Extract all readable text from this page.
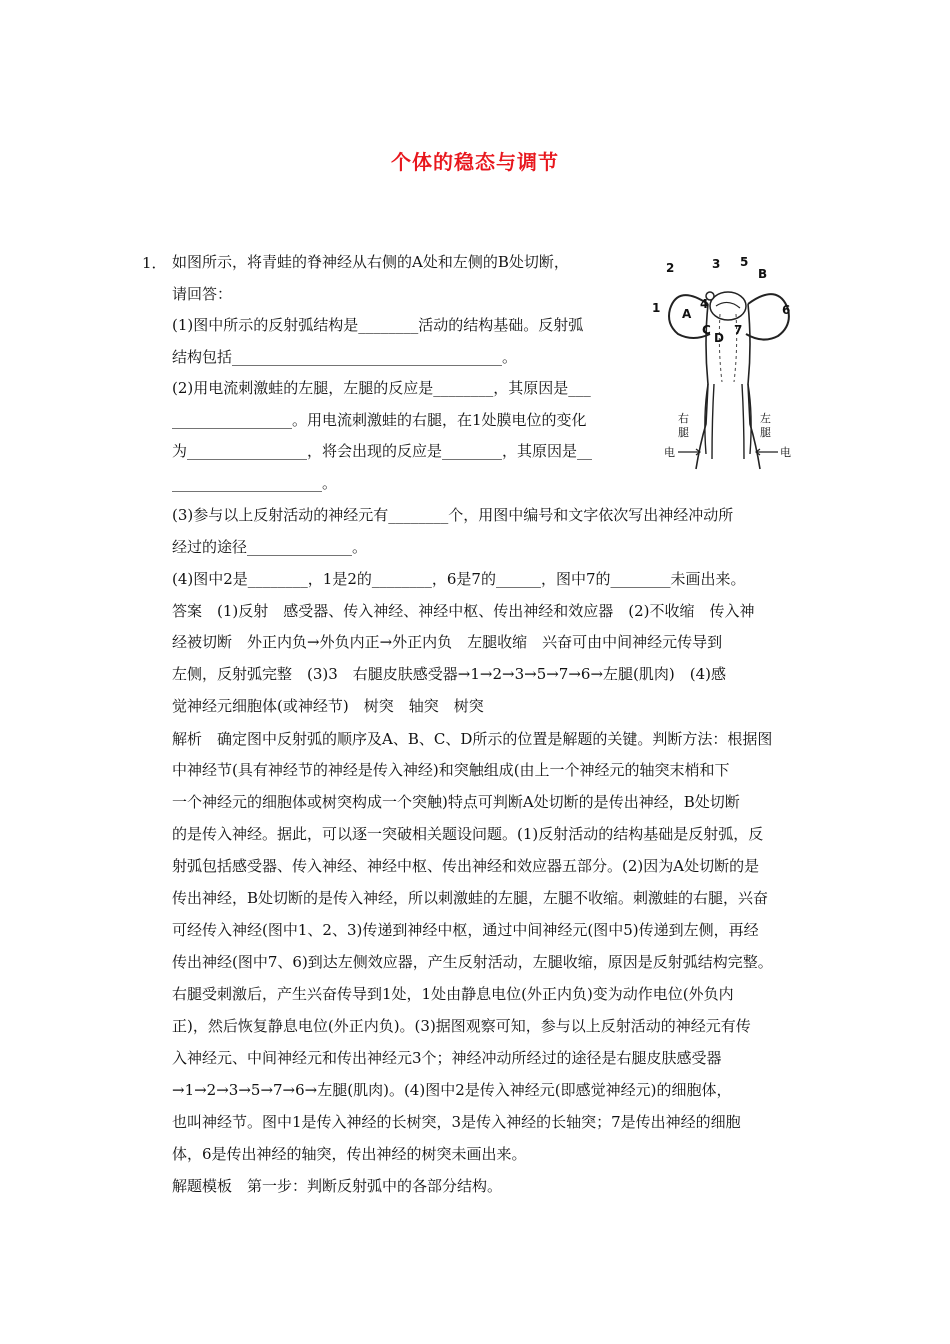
个体的稳态与调节
1． 如图所示，将青蛙的脊神经从右侧的A处和左侧的B处切断，
请回答：
(1)图中所示的反射弧结构是________活动的结构基础。反射弧
结构包括____________________________________。
(2)用电流刺激蛙的左腿，左腿的反应是________，其原因是___
________________。用电流刺激蛙的右腿，在1处膜电位的变化
为________________，将会出现的反应是________，其原因是__
____________________。
(3)参与以上反射活动的神经元有________个，用图中编号和文字依次写出神经冲动所
经过的途径______________。
(4)图中2是________，1是2的________，6是7的______，图中7的________未画出来。
答案　(1)反射　感受器、传入神经、神经中枢、传出神经和效应器　(2)不收缩　传入神
经被切断　外正内负→外负内正→外正内负　左腿收缩　兴奋可由中间神经元传导到
左侧，反射弧完整　(3)3　右腿皮肤感受器→1→2→3→5→7→6→左腿(肌肉)　(4)感
觉神经元细胞体(或神经节)　树突　轴突　树突
解析　确定图中反射弧的顺序及A、B、C、D所示的位置是解题的关键。判断方法：根据图
中神经节(具有神经节的神经是传入神经)和突触组成(由上一个神经元的轴突末梢和下
一个神经元的细胞体或树突构成一个突触)特点可判断A处切断的是传出神经，B处切断
的是传入神经。据此，可以逐一突破相关题设问题。(1)反射活动的结构基础是反射弧，反
射弧包括感受器、传入神经、神经中枢、传出神经和效应器五部分。(2)因为A处切断的是
传出神经，B处切断的是传入神经，所以刺激蛙的左腿，左腿不收缩。刺激蛙的右腿，兴奋
可经传入神经(图中1、2、3)传递到神经中枢，通过中间神经元(图中5)传递到左侧，再经
传出神经(图中7、6)到达左侧效应器，产生反射活动，左腿收缩，原因是反射弧结构完整。
右腿受刺激后，产生兴奋传导到1处，1处由静息电位(外正内负)变为动作电位(外负内
正)，然后恢复静息电位(外正内负)。(3)据图观察可知，参与以上反射活动的神经元有传
入神经元、中间神经元和传出神经元3个；神经冲动所经过的途径是右腿皮肤感受器
→1→2→3→5→7→6→左腿(肌肉)。(4)图中2是传入神经元(即感觉神经元)的细胞体，
也叫神经节。图中1是传入神经的长树突，3是传入神经的长轴突；7是传出神经的细胞
体，6是传出神经的轴突，传出神经的树突未画出来。
解题模板　第一步：判断反射弧中的各部分结构。
2	3 5
B
1	4	6
A
C
D
7
右
腿
左
腿
电	电
